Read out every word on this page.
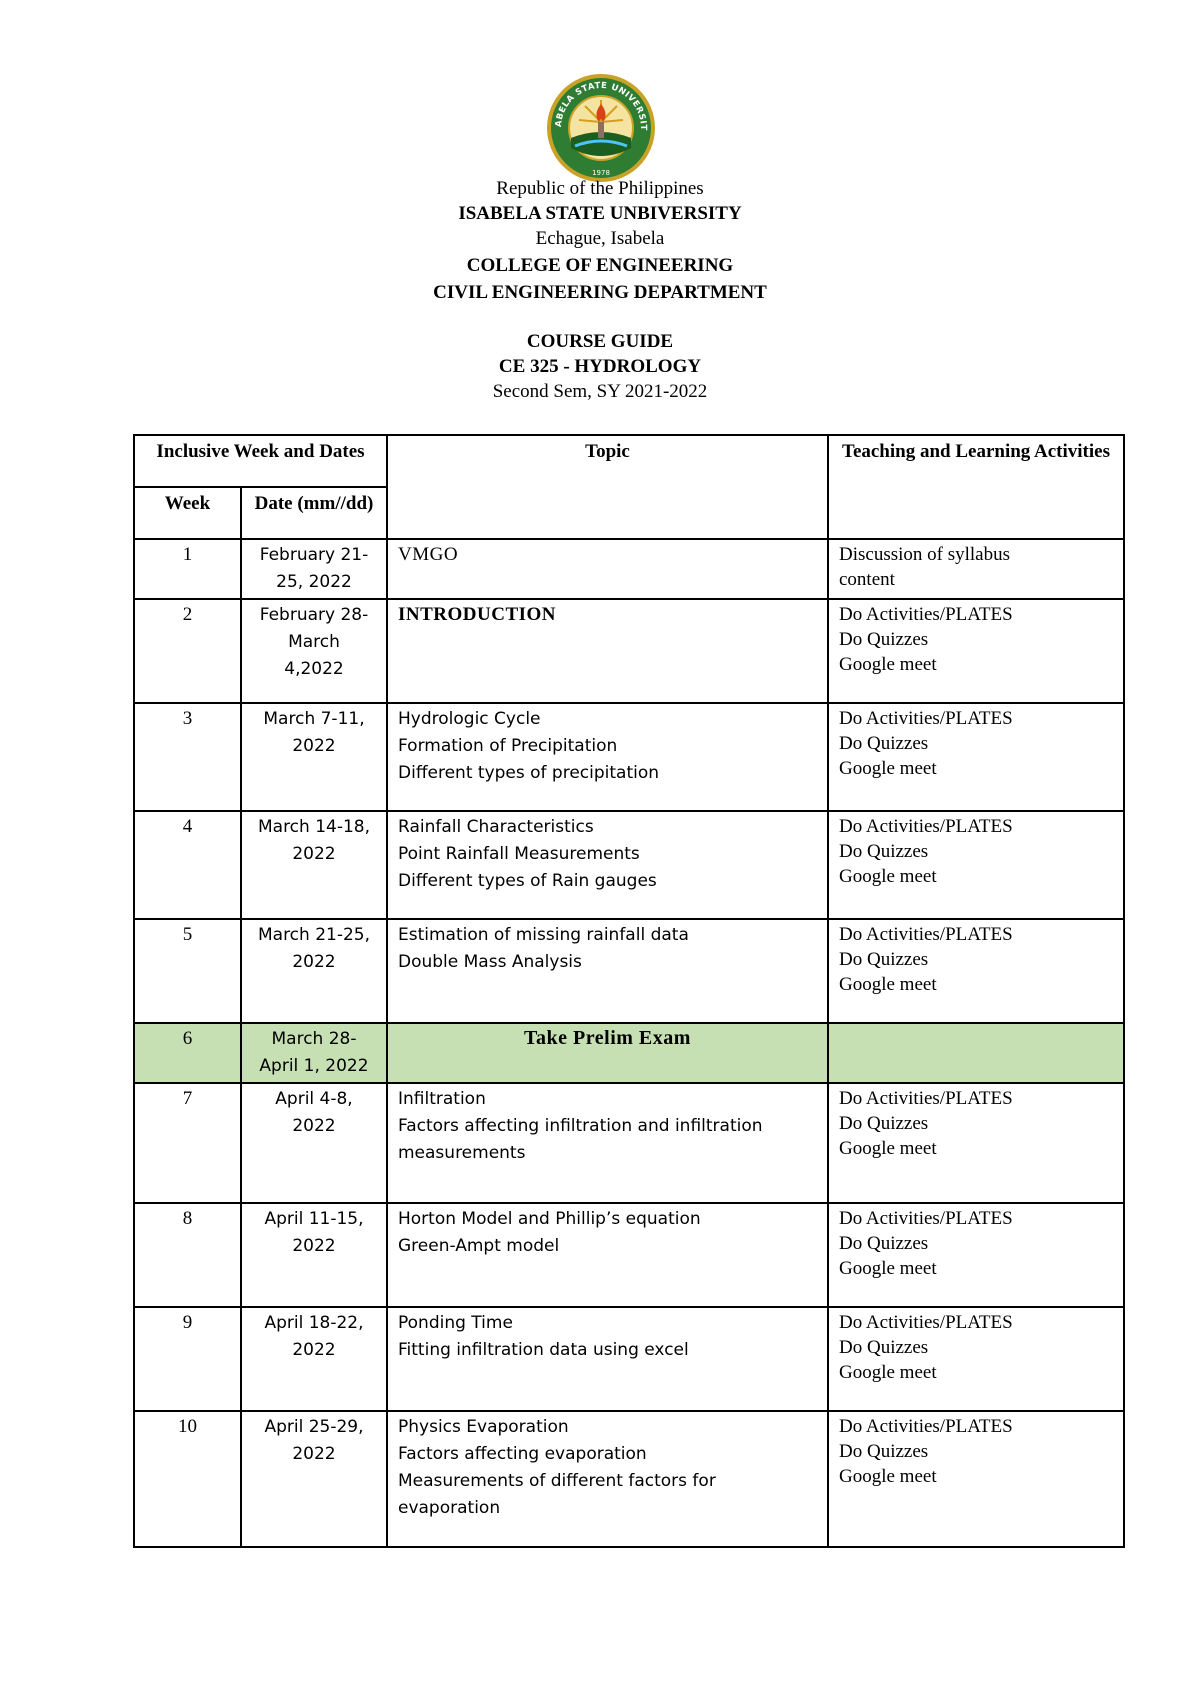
ABELA STATE UNIVERSIT
1978
Republic of the Philippines
ISABELA STATE UNBIVERSITY
Echague, Isabela
COLLEGE OF ENGINEERING
CIVIL ENGINEERING DEPARTMENT
COURSE GUIDE
CE 325 - HYDROLOGY
Second Sem, SY 2021-2022
Inclusive Week and Dates		Topic	Teaching and Learning Activities
Week	Date (mm//dd)		
1	February 21-
25, 2022	VMGO	Discussion of syllabus
content

2	February 28-
March
4,2022	INTRODUCTION	Do Activities/PLATES
Do Quizzes
Google meet

3	March 7-11,
2022	Hydrologic Cycle
Formation of Precipitation
Different types of precipitation	Do Activities/PLATES
Do Quizzes
Google meet

4	March 14-18,
2022	Rainfall Characteristics
Point Rainfall Measurements
Different types of Rain gauges	Do Activities/PLATES
Do Quizzes
Google meet

5	March 21-25,
2022	Estimation of missing rainfall data
Double Mass Analysis	Do Activities/PLATES
Do Quizzes
Google meet

6	March 28-
April 1, 2022	Take Prelim Exam	

7	April 4-8,
2022	Infiltration
Factors affecting infiltration and infiltration
measurements	Do Activities/PLATES
Do Quizzes
Google meet

8	April 11-15,
2022	Horton Model and Phillip’s equation
Green-Ampt model	Do Activities/PLATES
Do Quizzes
Google meet

9	April 18-22,
2022	Ponding Time
Fitting infiltration data using excel	Do Activities/PLATES
Do Quizzes
Google meet

10	April 25-29,
2022	Physics Evaporation
Factors affecting evaporation
Measurements of different factors for
evaporation	Do Activities/PLATES
Do Quizzes
Google meet
